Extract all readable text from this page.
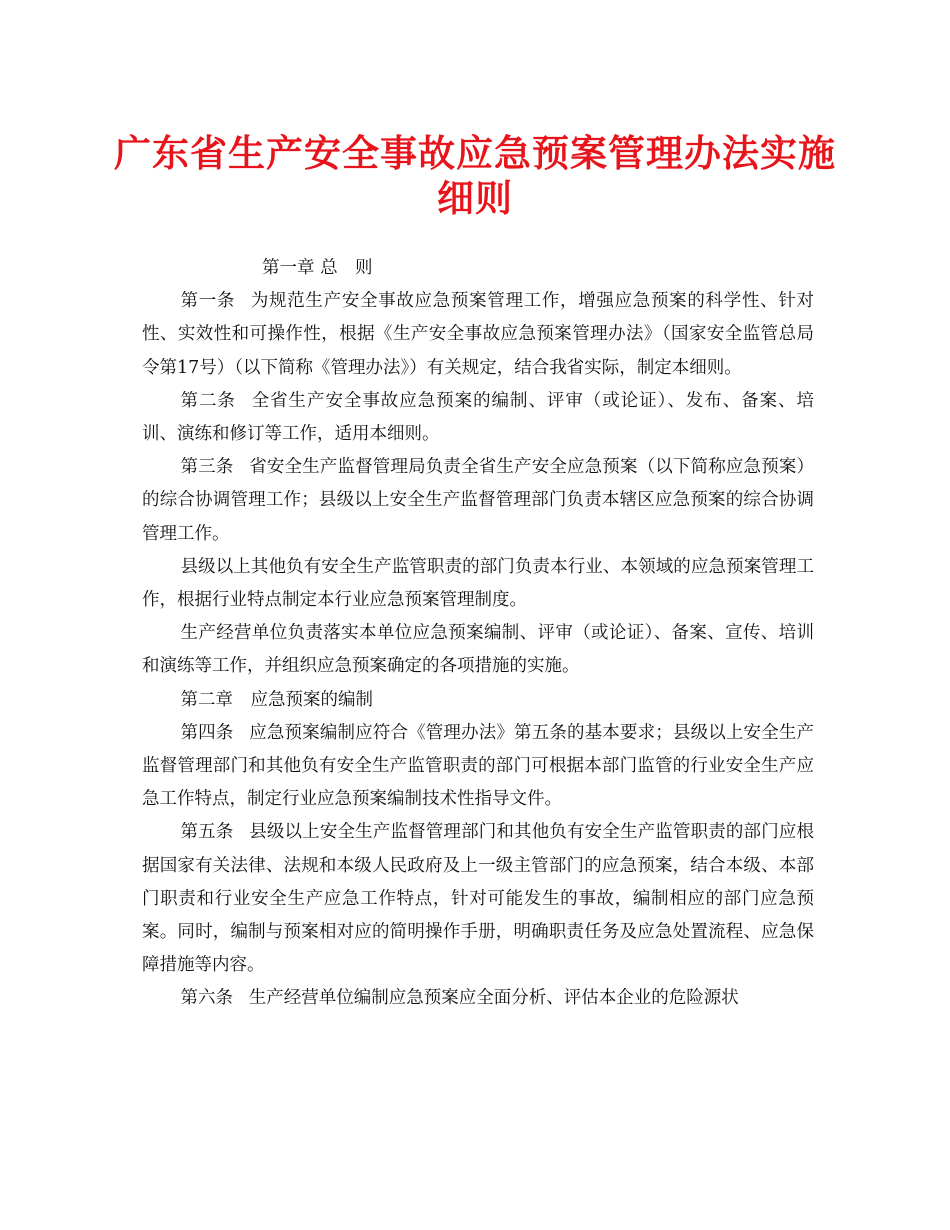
广东省生产安全事故应急预案管理办法实施
细则

第一章 总　则

第一条 为规范生产安全事故应急预案管理工作，增强应急预案的科学性、针对性、实效性和可操作性，根据《生产安全事故应急预案管理办法》（国家安全监管总局令第17号）（以下简称《管理办法》）有关规定，结合我省实际，制定本细则。

第二条 全省生产安全事故应急预案的编制、评审（或论证）、发布、备案、培训、演练和修订等工作，适用本细则。

第三条 省安全生产监督管理局负责全省生产安全应急预案（以下简称应急预案）的综合协调管理工作；县级以上安全生产监督管理部门负责本辖区应急预案的综合协调管理工作。

县级以上其他负有安全生产监管职责的部门负责本行业、本领域的应急预案管理工作，根据行业特点制定本行业应急预案管理制度。

生产经营单位负责落实本单位应急预案编制、评审（或论证）、备案、宣传、培训和演练等工作，并组织应急预案确定的各项措施的实施。

第二章　应急预案的编制

第四条 应急预案编制应符合《管理办法》第五条的基本要求；县级以上安全生产监督管理部门和其他负有安全生产监管职责的部门可根据本部门监管的行业安全生产应急工作特点，制定行业应急预案编制技术性指导文件。

第五条 县级以上安全生产监督管理部门和其他负有安全生产监管职责的部门应根据国家有关法律、法规和本级人民政府及上一级主管部门的应急预案，结合本级、本部门职责和行业安全生产应急工作特点，针对可能发生的事故，编制相应的部门应急预案。同时，编制与预案相对应的简明操作手册，明确职责任务及应急处置流程、应急保障措施等内容。

第六条 生产经营单位编制应急预案应全面分析、评估本企业的危险源状
